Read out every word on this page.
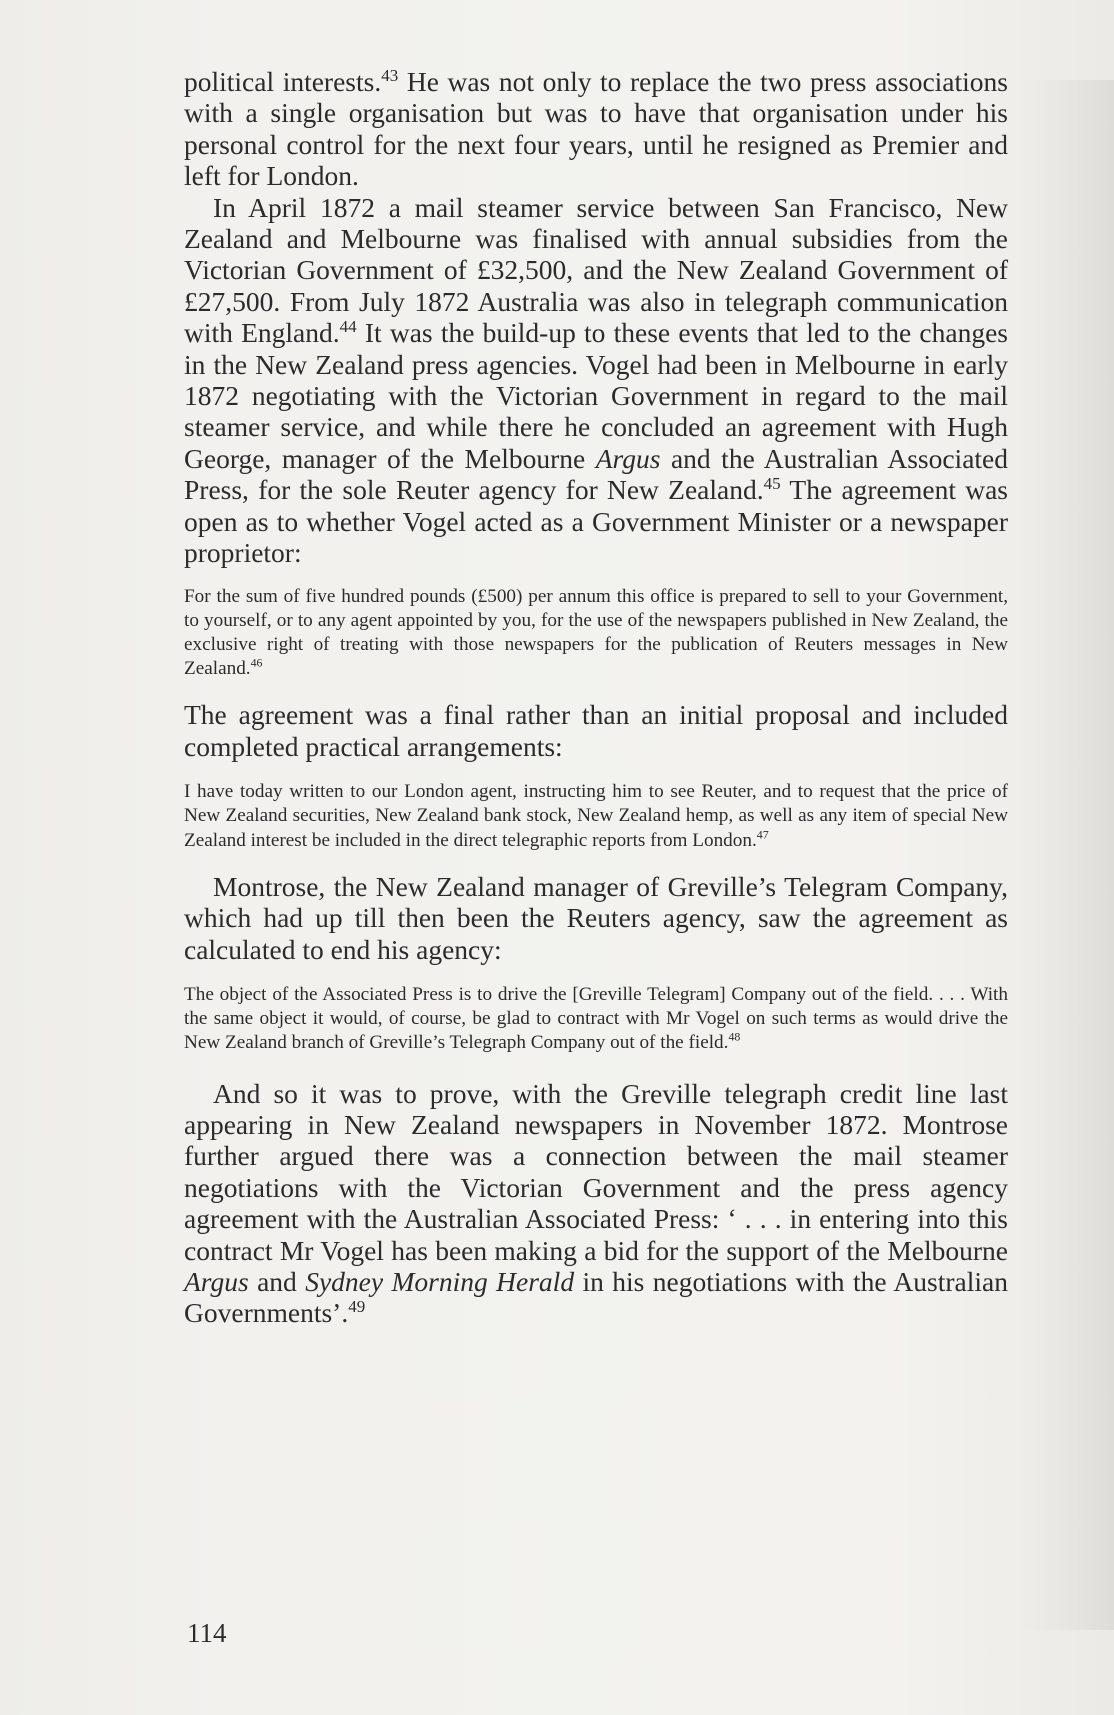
political interests.$^{43}$ He was not only to replace the two press associations with a single organisation but was to have that organisation under his personal control for the next four years, until he resigned as Premier and left for London.

In April 1872 a mail steamer service between San Francisco, New Zealand and Melbourne was finalised with annual subsidies from the Victorian Government of £32,500, and the New Zealand Government of £27,500. From July 1872 Australia was also in telegraph communication with England.$^{44}$ It was the build-up to these events that led to the changes in the New Zealand press agencies. Vogel had been in Melbourne in early 1872 negotiating with the Victorian Government in regard to the mail steamer service, and while there he concluded an agreement with Hugh George, manager of the Melbourne Argus and the Australian Associated Press, for the sole Reuter agency for New Zealand.$^{45}$ The agreement was open as to whether Vogel acted as a Government Minister or a newspaper proprietor:

For the sum of five hundred pounds (£500) per annum this office is prepared to sell to your Government, to yourself, or to any agent appointed by you, for the use of the newspapers published in New Zealand, the exclusive right of treating with those newspapers for the publication of Reuters messages in New Zealand.$^{46}$

The agreement was a final rather than an initial proposal and included completed practical arrangements:

I have today written to our London agent, instructing him to see Reuter, and to request that the price of New Zealand securities, New Zealand bank stock, New Zealand hemp, as well as any item of special New Zealand interest be included in the direct telegraphic reports from London.$^{47}$

Montrose, the New Zealand manager of Greville’s Telegram Company, which had up till then been the Reuters agency, saw the agreement as calculated to end his agency:

The object of the Associated Press is to drive the [Greville Telegram] Company out of the field. . . . With the same object it would, of course, be glad to contract with Mr Vogel on such terms as would drive the New Zealand branch of Greville’s Telegraph Company out of the field.$^{48}$

And so it was to prove, with the Greville telegraph credit line last appearing in New Zealand newspapers in November 1872. Montrose further argued there was a connection between the mail steamer negotiations with the Victorian Government and the press agency agreement with the Australian Associated Press: ‘ . . . in entering into this contract Mr Vogel has been making a bid for the support of the Melbourne Argus and Sydney Morning Herald in his negotiations with the Australian Governments’.$^{49}$

114
